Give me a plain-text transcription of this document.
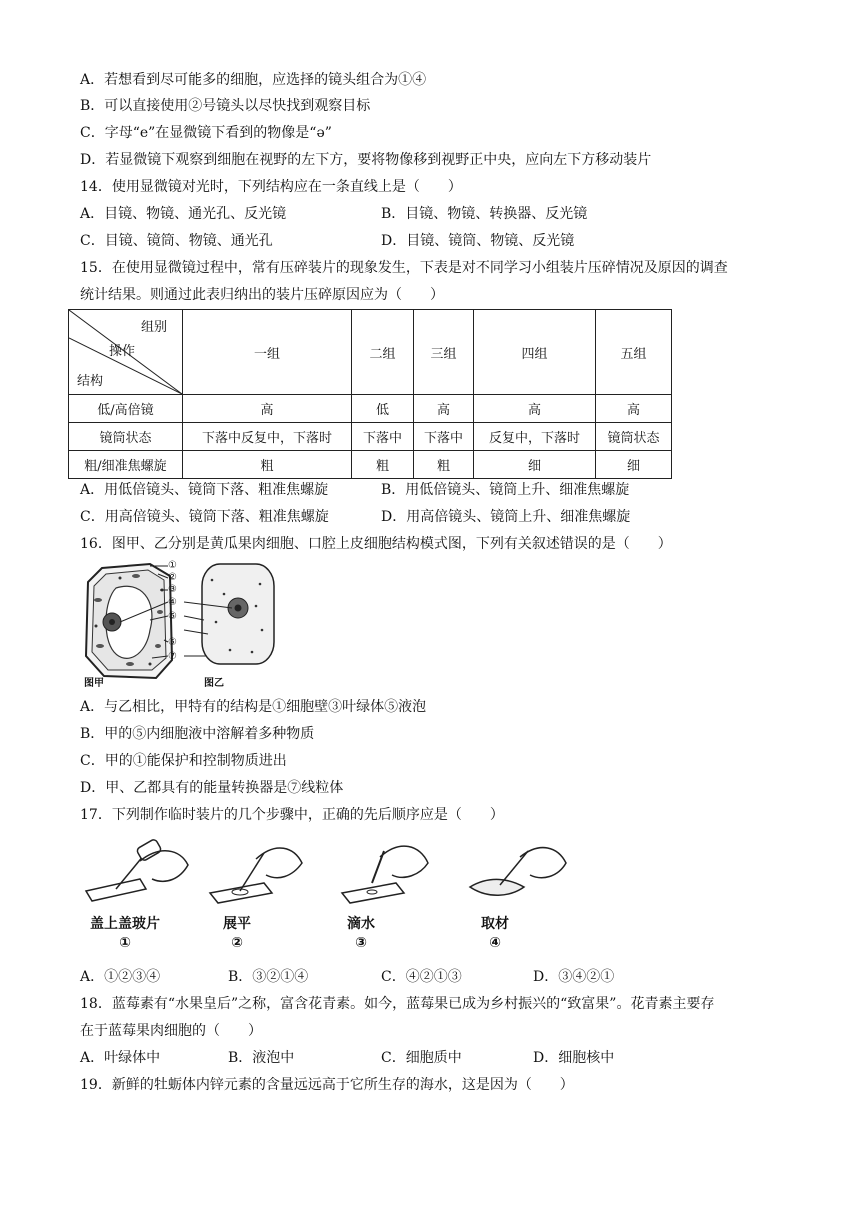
A．若想看到尽可能多的细胞，应选择的镜头组合为①④
B．可以直接使用②号镜头以尽快找到观察目标
C．字母“e”在显微镜下看到的物像是“ə”
D．若显微镜下观察到细胞在视野的左下方，要将物像移到视野正中央，应向左下方移动装片
14．使用显微镜对光时，下列结构应在一条直线上是（　　）
A．目镜、物镜、通光孔、反光镜	B．目镜、物镜、转换器、反光镜
C．目镜、镜筒、物镜、通光孔	D．目镜、镜筒、物镜、反光镜
15．在使用显微镜过程中，常有压碎装片的现象发生，下表是对不同学习小组装片压碎情况及原因的调查
统计结果。则通过此表归纳出的装片压碎原因应为（　　）
组别
操作
结构	一组	二组	三组	四组	五组
低/高倍镜	高	低	高	高	高
镜筒状态	下落中反复中，下落时	下落中	下落中	反复中，下落时	镜筒状态
粗/细准焦螺旋	粗	粗	粗	细	细
A．用低倍镜头、镜筒下落、粗准焦螺旋	B．用低倍镜头、镜筒上升、细准焦螺旋
C．用高倍镜头、镜筒下落、粗准焦螺旋	D．用高倍镜头、镜筒上升、细准焦螺旋
16．图甲、乙分别是黄瓜果肉细胞、口腔上皮细胞结构模式图，下列有关叙述错误的是（　　）
①
②
③
④
⑤
⑥
⑦
图甲	图乙
A．与乙相比，甲特有的结构是①细胞壁③叶绿体⑤液泡
B．甲的⑤内细胞液中溶解着多种物质
C．甲的①能保护和控制物质进出
D．甲、乙都具有的能量转换器是⑦线粒体
17．下列制作临时装片的几个步骤中，正确的先后顺序应是（　　）
盖上盖玻片
①
展平
②
滴水
③
取材
④
A．①②③④	B．③②①④	C．④②①③	D．③④②①
18．蓝莓素有“水果皇后”之称，富含花青素。如今，蓝莓果已成为乡村振兴的“致富果”。花青素主要存
在于蓝莓果肉细胞的（　　）
A．叶绿体中	B．液泡中	C．细胞质中	D．细胞核中
19．新鲜的牡蛎体内锌元素的含量远远高于它所生存的海水，这是因为（　　）
